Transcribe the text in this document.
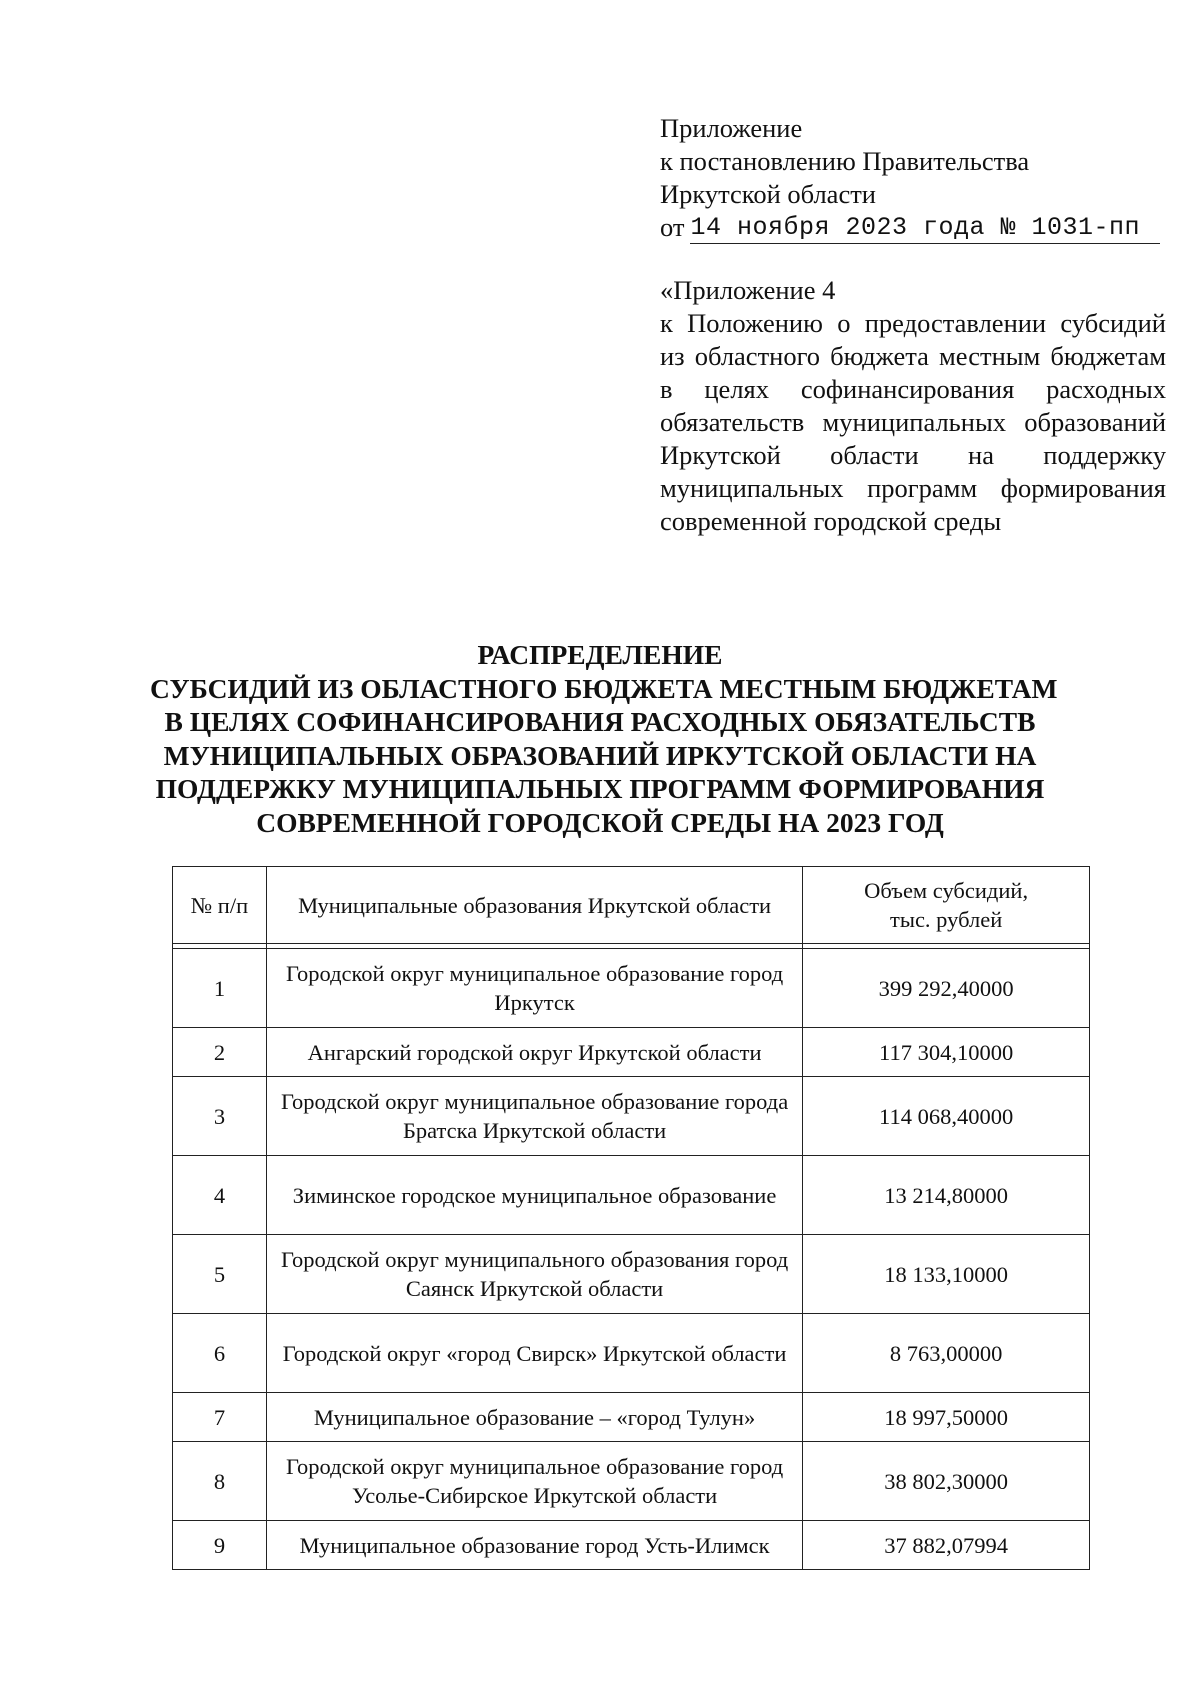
Приложение
к постановлению Правительства
Иркутской области
от 14 ноября 2023 года № 1031-пп
«Приложение 4
к Положению о предоставлении субсидий из областного бюджета местным бюджетам в целях софинансирования расходных обязательств муниципальных образований Иркутской области на поддержку муниципальных программ формирования современной городской среды
РАСПРЕДЕЛЕНИЕ
СУБСИДИЙ ИЗ ОБЛАСТНОГО БЮДЖЕТА МЕСТНЫМ БЮДЖЕТАМ
В ЦЕЛЯХ СОФИНАНСИРОВАНИЯ РАСХОДНЫХ ОБЯЗАТЕЛЬСТВ
МУНИЦИПАЛЬНЫХ ОБРАЗОВАНИЙ ИРКУТСКОЙ ОБЛАСТИ НА
ПОДДЕРЖКУ МУНИЦИПАЛЬНЫХ ПРОГРАММ ФОРМИРОВАНИЯ
СОВРЕМЕННОЙ ГОРОДСКОЙ СРЕДЫ НА 2023 ГОД
№ п/п	Муниципальные образования Иркутской области	Объем субсидий,
тыс. рублей

1	Городской округ муниципальное образование город Иркутск	399 292,40000
2	Ангарский городской округ Иркутской области	117 304,10000
3	Городской округ муниципальное образование города Братска Иркутской области	114 068,40000
4	Зиминское городское муниципальное образование	13 214,80000
5	Городской округ муниципального образования город Саянск Иркутской области	18 133,10000
6	Городской округ «город Свирск» Иркутской области	8 763,00000
7	Муниципальное образование – «город Тулун»	18 997,50000
8	Городской округ муниципальное образование город Усолье-Сибирское Иркутской области	38 802,30000
9	Муниципальное образование город Усть-Илимск	37 882,07994
